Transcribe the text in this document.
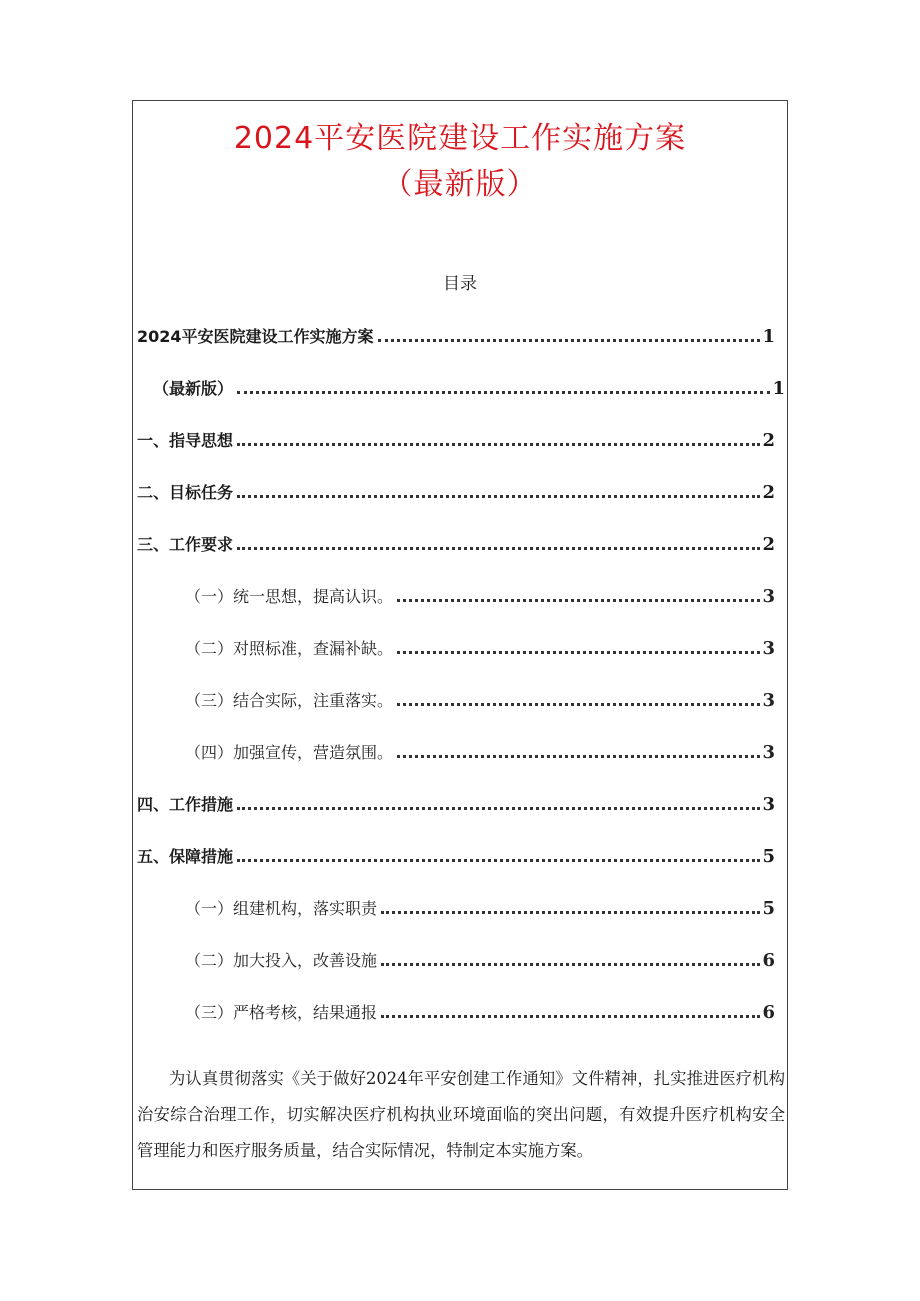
2024平安医院建设工作实施方案
（最新版）
目录
2024平安医院建设工作实施方案	1
（最新版）	1
一、指导思想	2
二、目标任务	2
三、工作要求	2
（一）统一思想，提高认识。	3
（二）对照标准，查漏补缺。	3
（三）结合实际，注重落实。	3
（四）加强宣传，营造氛围。	3
四、工作措施	3
五、保障措施	5
（一）组建机构，落实职责	5
（二）加大投入，改善设施	6
（三）严格考核，结果通报	6

为认真贯彻落实《关于做好2024年平安创建工作通知》文件精神，扎实推进医疗机构治安综合治理工作，切实解决医疗机构执业环境面临的突出问题，有效提升医疗机构安全管理能力和医疗服务质量，结合实际情况，特制定本实施方案。
